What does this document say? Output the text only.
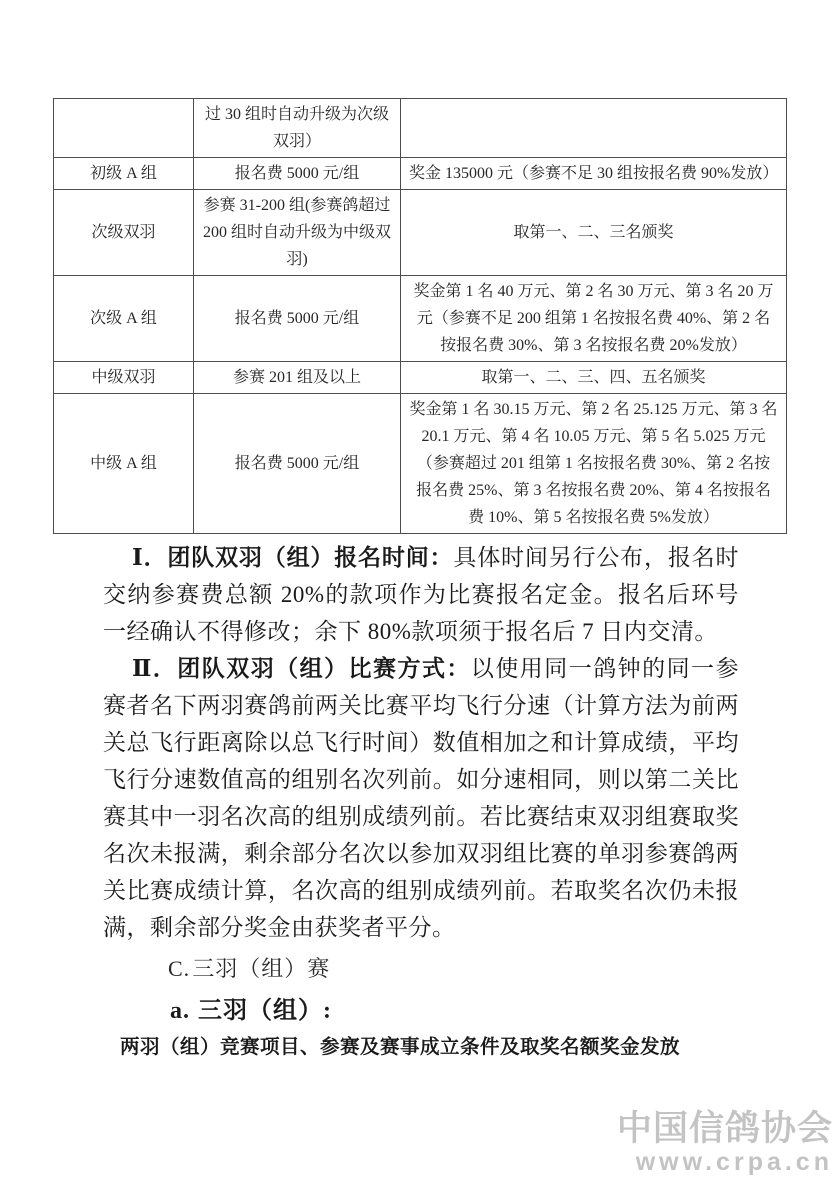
	过 30 组时自动升级为次级双羽）	
初级 A 组	报名费 5000 元/组	奖金 135000 元（参赛不足 30 组按报名费 90%发放）
次级双羽	参赛 31-200 组(参赛鸽超过 200 组时自动升级为中级双羽)	取第一、二、三名颁奖
次级 A 组	报名费 5000 元/组	奖金第 1 名 40 万元、第 2 名 30 万元、第 3 名 20 万元（参赛不足 200 组第 1 名按报名费 40%、第 2 名按报名费 30%、第 3 名按报名费 20%发放）
中级双羽	参赛 201 组及以上	取第一、二、三、四、五名颁奖
中级 A 组	报名费 5000 元/组	奖金第 1 名 30.15 万元、第 2 名 25.125 万元、第 3 名 20.1 万元、第 4 名 10.05 万元、第 5 名 5.025 万元（参赛超过 201 组第 1 名按报名费 30%、第 2 名按报名费 25%、第 3 名按报名费 20%、第 4 名按报名费 10%、第 5 名按报名费 5%发放）

Ⅰ．团队双羽（组）报名时间：具体时间另行公布，报名时交纳参赛费总额 20%的款项作为比赛报名定金。报名后环号一经确认不得修改；余下 80%款项须于报名后 7 日内交清。

Ⅱ．团队双羽（组）比赛方式：以使用同一鸽钟的同一参赛者名下两羽赛鸽前两关比赛平均飞行分速（计算方法为前两关总飞行距离除以总飞行时间）数值相加之和计算成绩，平均飞行分速数值高的组别名次列前。如分速相同，则以第二关比赛其中一羽名次高的组别成绩列前。若比赛结束双羽组赛取奖名次未报满，剩余部分名次以参加双羽组比赛的单羽参赛鸽两关比赛成绩计算，名次高的组别成绩列前。若取奖名次仍未报满，剩余部分奖金由获奖者平分。

C.三羽（组）赛
a. 三羽（组）:
两羽（组）竞赛项目、参赛及赛事成立条件及取奖名额奖金发放
中国信鸽协会
www.crpa.cn
